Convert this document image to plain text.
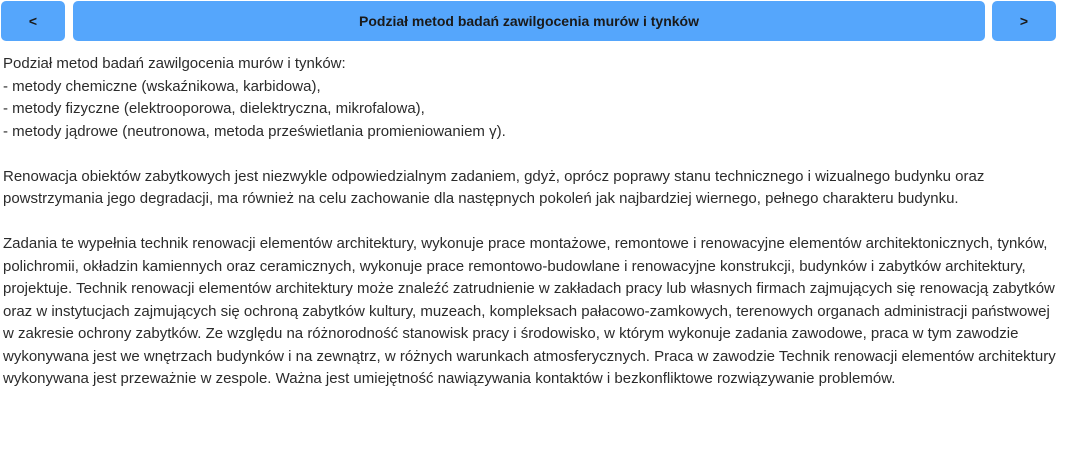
<	Podział metod badań zawilgocenia murów i tynków	>

Podział metod badań zawilgocenia murów i tynków:
- metody chemiczne (wskaźnikowa, karbidowa),
- metody fizyczne (elektrooporowa, dielektryczna, mikrofalowa),
- metody jądrowe (neutronowa, metoda prześwietlania promieniowaniem γ).

Renowacja obiektów zabytkowych jest niezwykle odpowiedzialnym zadaniem, gdyż, oprócz poprawy stanu technicznego i wizualnego budynku oraz powstrzymania jego degradacji, ma również na celu zachowanie dla następnych pokoleń jak najbardziej wiernego, pełnego charakteru budynku.

Zadania te wypełnia technik renowacji elementów architektury, wykonuje prace montażowe, remontowe i renowacyjne elementów architektonicznych, tynków, polichromii, okładzin kamiennych oraz ceramicznych, wykonuje prace remontowo-budowlane i renowacyjne konstrukcji, budynków i zabytków architektury, projektuje. Technik renowacji elementów architektury może znaleźć zatrudnienie w zakładach pracy lub własnych firmach zajmujących się renowacją zabytków oraz w instytucjach zajmujących się ochroną zabytków kultury, muzeach, kompleksach pałacowo-zamkowych, terenowych organach administracji państwowej w zakresie ochrony zabytków. Ze względu na różnorodność stanowisk pracy i środowisko, w którym wykonuje zadania zawodowe, praca w tym zawodzie wykonywana jest we wnętrzach budynków i na zewnątrz, w różnych warunkach atmosferycznych. Praca w zawodzie Technik renowacji elementów architektury wykonywana jest przeważnie w zespole. Ważna jest umiejętność nawiązywania kontaktów i bezkonfliktowe rozwiązywanie problemów.
